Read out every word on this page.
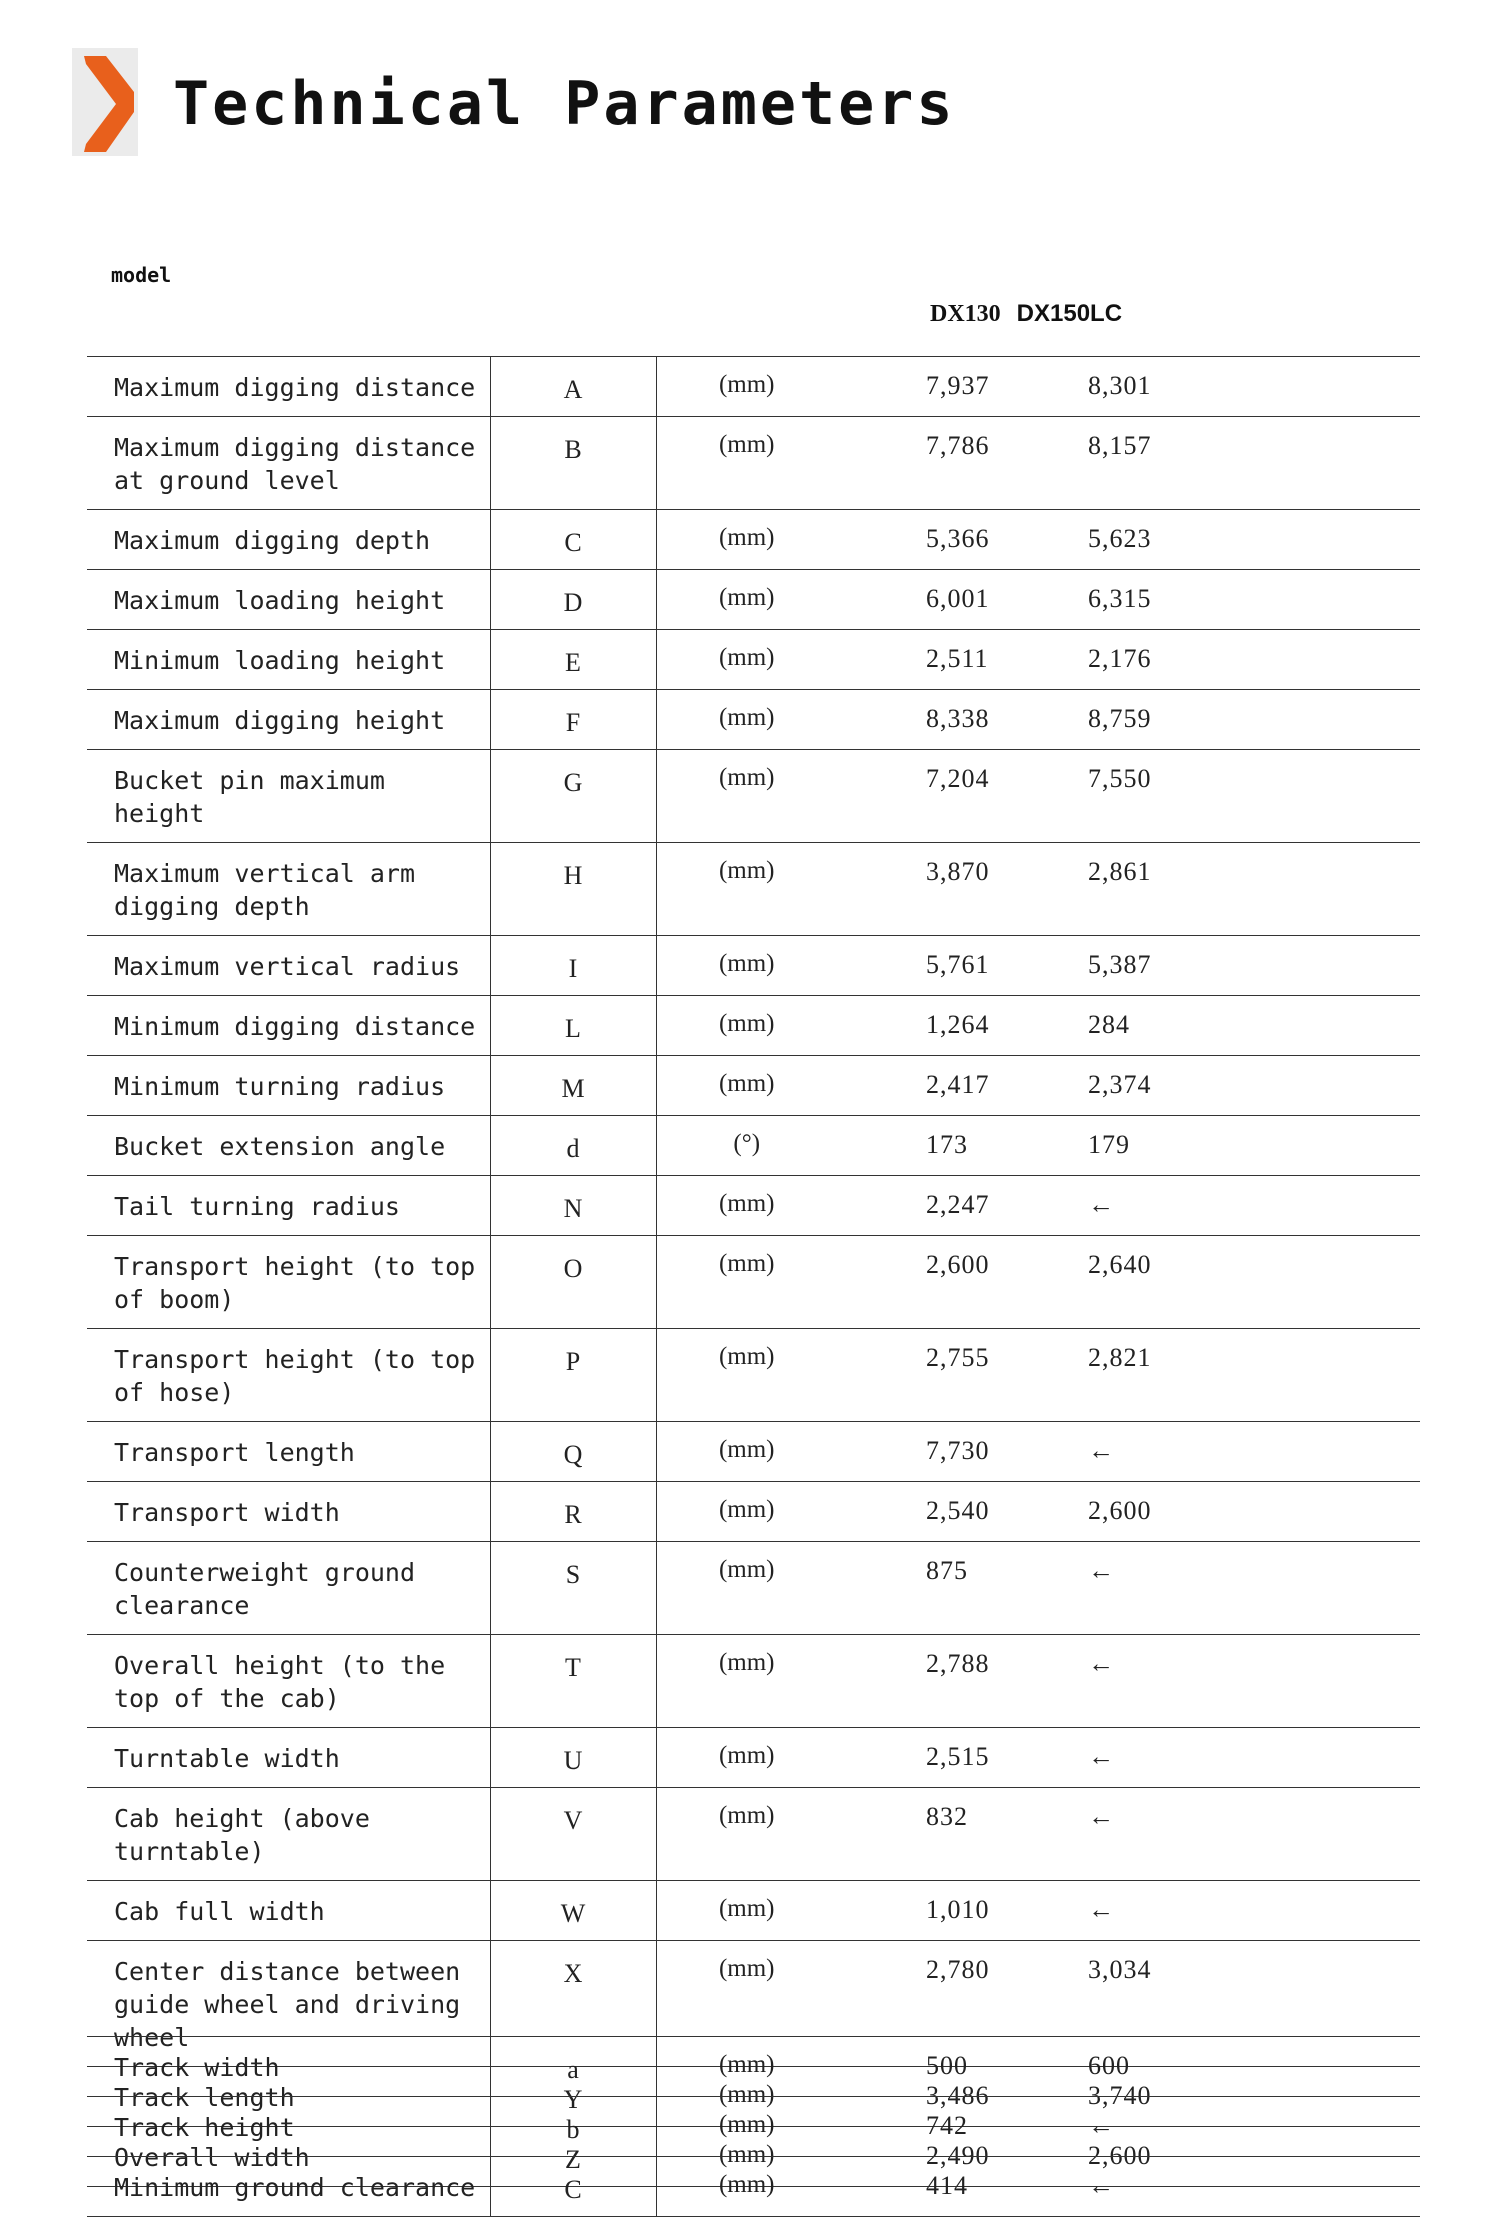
Technical Parameters
model
DX130 DX150LC
Maximum digging distance	A	(mm)	7,937	8,301
Maximum digging distance at ground level	B	(mm)	7,786	8,157
Maximum digging depth	C	(mm)	5,366	5,623
Maximum loading height	D	(mm)	6,001	6,315
Minimum loading height	E	(mm)	2,511	2,176
Maximum digging height	F	(mm)	8,338	8,759
Bucket pin maximum height	G	(mm)	7,204	7,550
Maximum vertical arm digging depth	H	(mm)	3,870	2,861
Maximum vertical radius	I	(mm)	5,761	5,387
Minimum digging distance	L	(mm)	1,264	284
Minimum turning radius	M	(mm)	2,417	2,374
Bucket extension angle	d	(°)	173	179
Tail turning radius	N	(mm)	2,247	←
Transport height (to top of boom)	O	(mm)	2,600	2,640
Transport height (to top of hose)	P	(mm)	2,755	2,821
Transport length	Q	(mm)	7,730	←
Transport width	R	(mm)	2,540	2,600
Counterweight ground clearance	S	(mm)	875	←
Overall height (to the top of the cab)	T	(mm)	2,788	←
Turntable width	U	(mm)	2,515	←
Cab height (above turntable)	V	(mm)	832	←
Cab full width	W	(mm)	1,010	←
Center distance between guide wheel and driving wheel	X	(mm)	2,780	3,034
Track length	Y	(mm)	3,486	3,740
Overall width	Z	(mm)	2,490	2,600
Track width	a	(mm)	500	600
Track height	b	(mm)	742	←
Minimum ground clearance	C	(mm)	414	←
